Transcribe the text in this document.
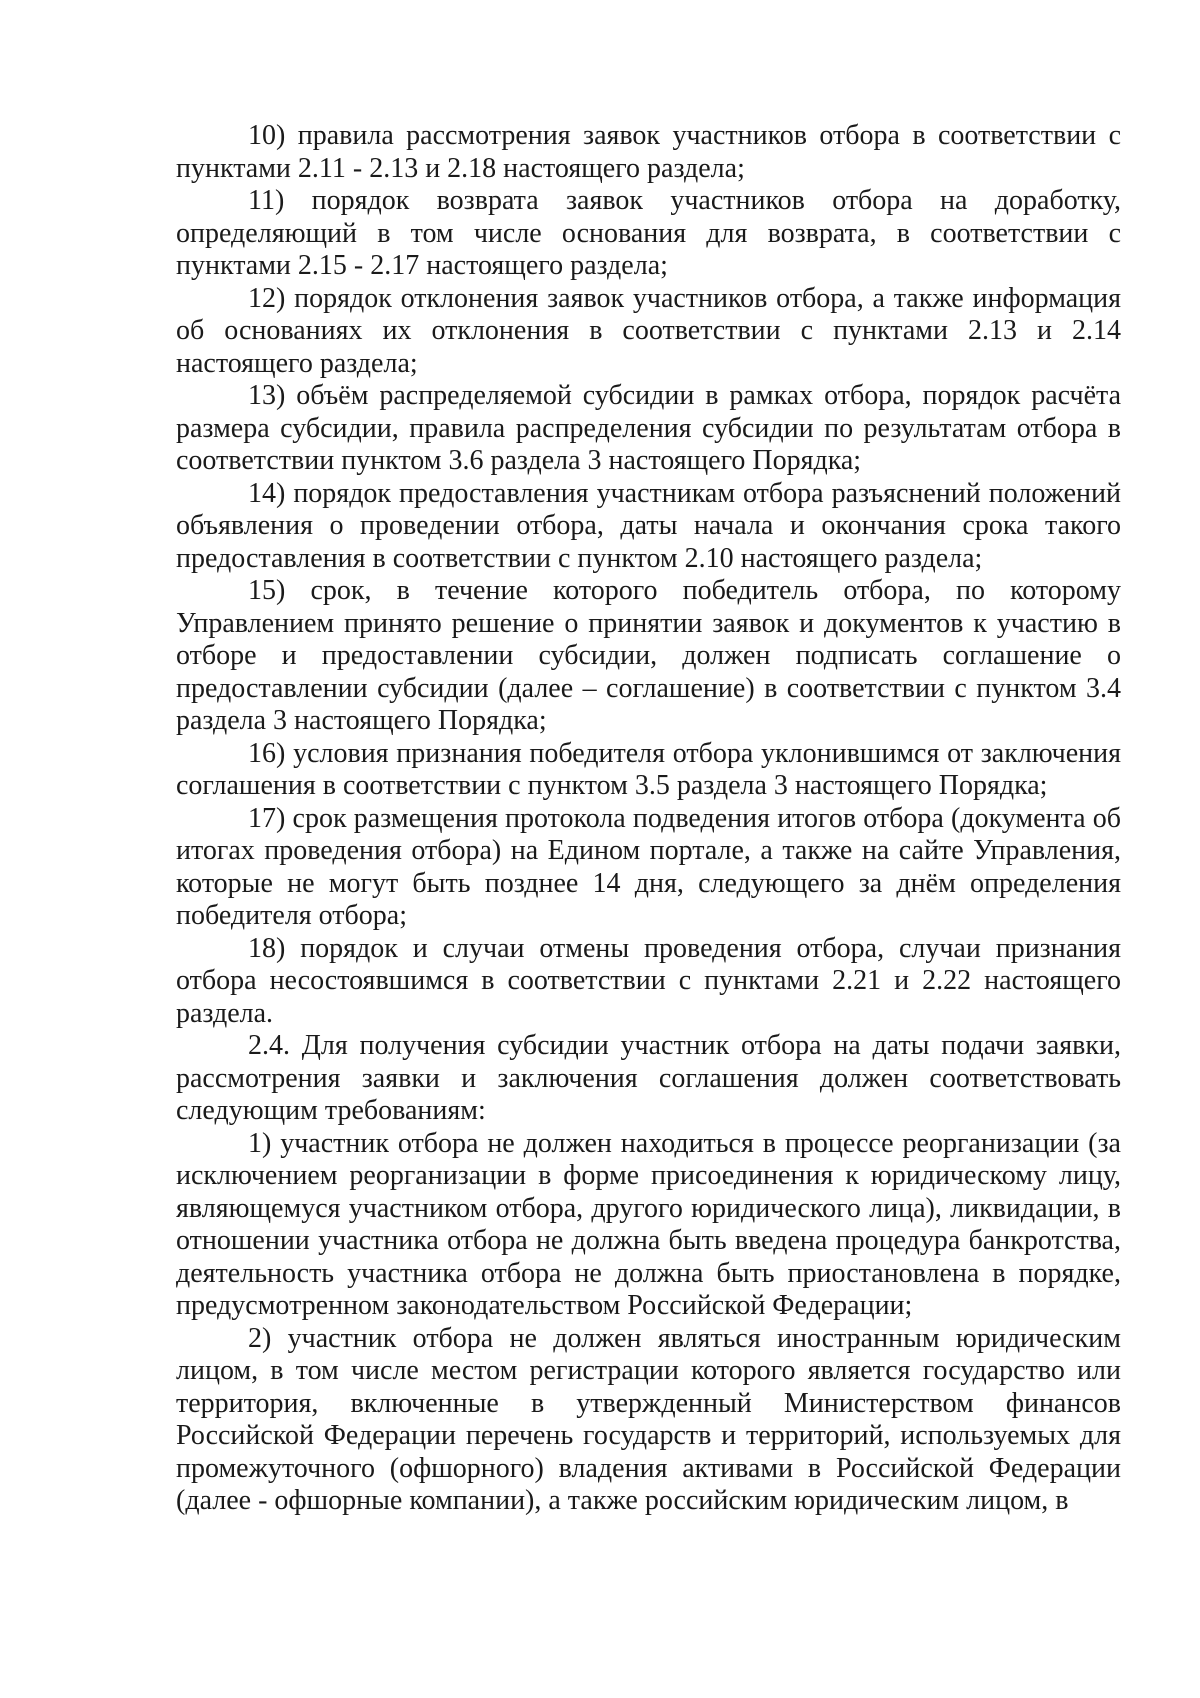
10) правила рассмотрения заявок участников отбора в соответствии с пунктами 2.11 - 2.13 и 2.18 настоящего раздела;

11) порядок возврата заявок участников отбора на доработку, определяющий в том числе основания для возврата, в соответствии с пунктами 2.15 - 2.17 настоящего раздела;

12) порядок отклонения заявок участников отбора, а также информация об основаниях их отклонения в соответствии с пунктами 2.13 и 2.14 настоящего раздела;

13) объём распределяемой субсидии в рамках отбора, порядок расчёта размера субсидии, правила распределения субсидии по результатам отбора в соответствии пунктом 3.6 раздела 3 настоящего Порядка;

14) порядок предоставления участникам отбора разъяснений положений объявления о проведении отбора, даты начала и окончания срока такого предоставления в соответствии с пунктом 2.10 настоящего раздела;

15) срок, в течение которого победитель отбора, по которому Управлением принято решение о принятии заявок и документов к участию в отборе и предоставлении субсидии, должен подписать соглашение о предоставлении субсидии (далее – соглашение) в соответствии с пунктом 3.4 раздела 3 настоящего Порядка;

16) условия признания победителя отбора уклонившимся от заключения соглашения в соответствии с пунктом 3.5 раздела 3 настоящего Порядка;

17) срок размещения протокола подведения итогов отбора (документа об итогах проведения отбора) на Едином портале, а также на сайте Управления, которые не могут быть позднее 14 дня, следующего за днём определения победителя отбора;

18) порядок и случаи отмены проведения отбора, случаи признания отбора несостоявшимся в соответствии с пунктами 2.21 и 2.22 настоящего раздела.

2.4. Для получения субсидии участник отбора на даты подачи заявки, рассмотрения заявки и заключения соглашения должен соответствовать следующим требованиям:

1) участник отбора не должен находиться в процессе реорганизации (за исключением реорганизации в форме присоединения к юридическому лицу, являющемуся участником отбора, другого юридического лица), ликвидации, в отношении участника отбора не должна быть введена процедура банкротства, деятельность участника отбора не должна быть приостановлена в порядке, предусмотренном законодательством Российской Федерации;

2) участник отбора не должен являться иностранным юридическим лицом, в том числе местом регистрации которого является государство или территория, включенные в утвержденный Министерством финансов Российской Федерации перечень государств и территорий, используемых для промежуточного (офшорного) владения активами в Российской Федерации (далее - офшорные компании), а также российским юридическим лицом, в
